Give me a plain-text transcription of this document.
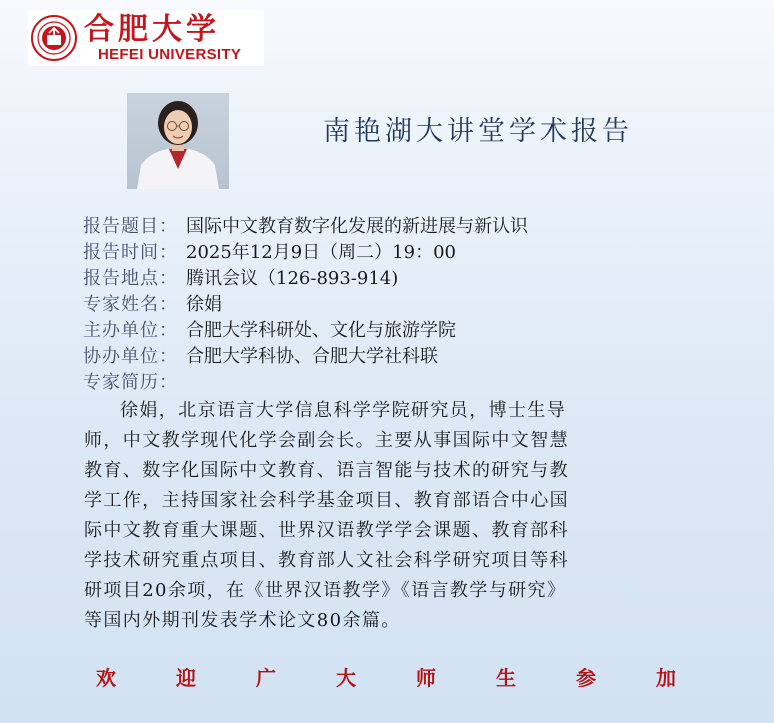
合肥大学
HEFEI UNIVERSITY
南艳湖大讲堂学术报告
报告题目： 国际中文教育数字化发展的新进展与新认识
报告时间： 2025年12月9日（周二）19：00
报告地点： 腾讯会议（126-893-914)
专家姓名： 徐娟
主办单位： 合肥大学科研处、文化与旅游学院
协办单位： 合肥大学科协、合肥大学社科联
专家简历：
徐娟，北京语言大学信息科学学院研究员，博士生导
师，中文教学现代化学会副会长。主要从事国际中文智慧
教育、数字化国际中文教育、语言智能与技术的研究与教
学工作，主持国家社会科学基金项目、教育部语合中心国
际中文教育重大课题、世界汉语教学学会课题、教育部科
学技术研究重点项目、教育部人文社会科学研究项目等科
研项目20余项，在《世界汉语教学》《语言教学与研究》
等国内外期刊发表学术论文80余篇。
欢	迎	广	大	师	生	参	加
